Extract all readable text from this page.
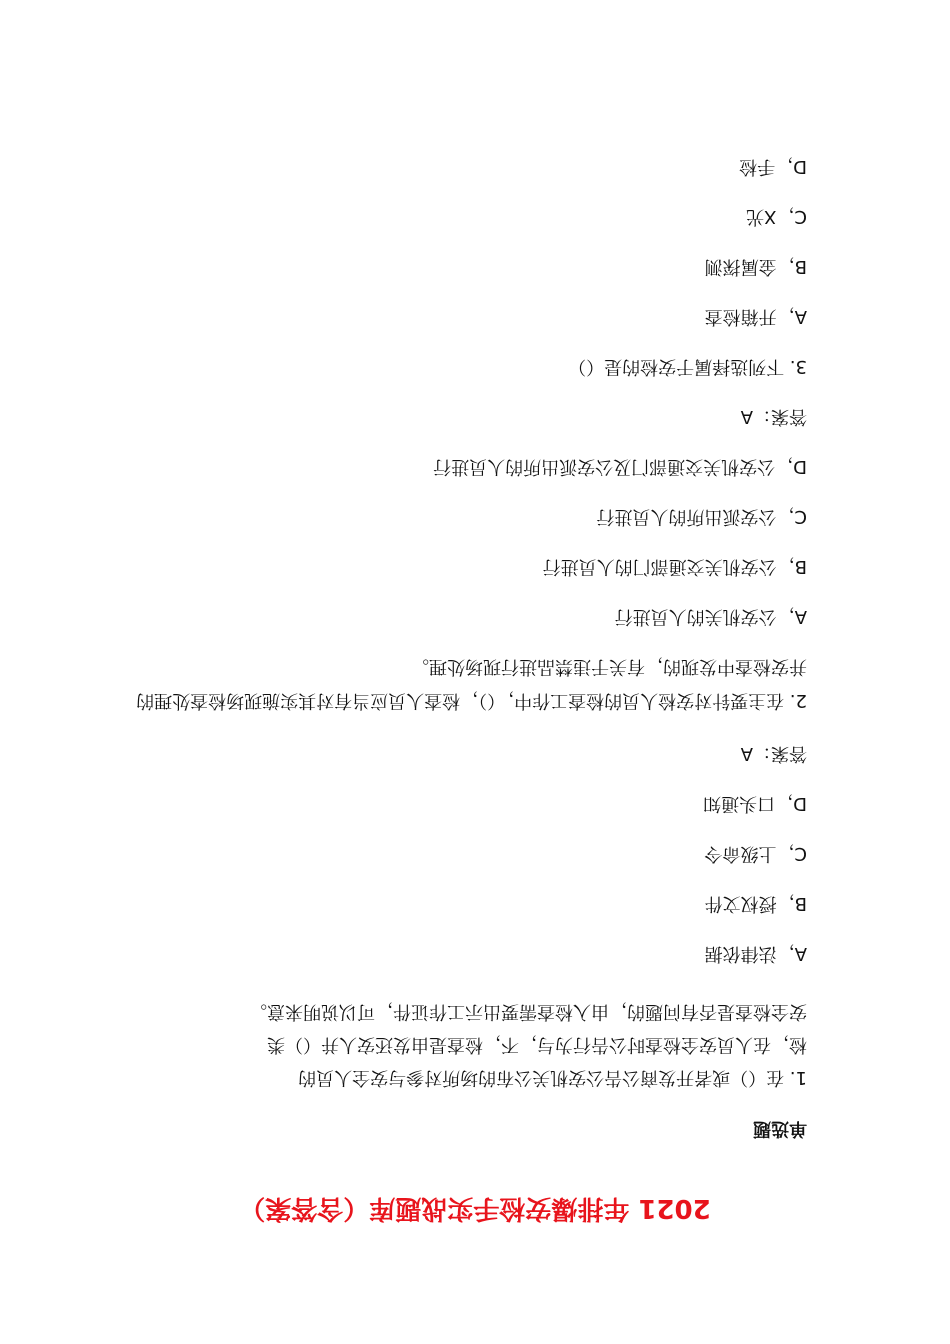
2021 年排爆安检手实战题库（含答案）
单选题
1. 在（）或者开发商公告公安机关公布的场所对参与安全人员的
检，在人员安全检查时公告行为与，不，检查是由发还安人并（）类
安全检查是否有问题的，由入检查需要出示工作证件，可以说明来意。
A，法律依据
B，授权文件
C，上级命令
D，口头通知
答案：A
2. 在主要针对安检人员的检查工作中，（），检查人员应当有对其实施现场检查处理的
并安检查中发现的，有关于违禁品进行现场处理。
A，公安机关的人员进行
B，公安机关交通部门的人员进行
C，公安派出所的人员进行
D，公安机关交通部门及公安派出所的人员进行
答案：A
3. 下列选择属于安检的是（）
A，开箱检查
B，金属探测
C，X光
D，手检
